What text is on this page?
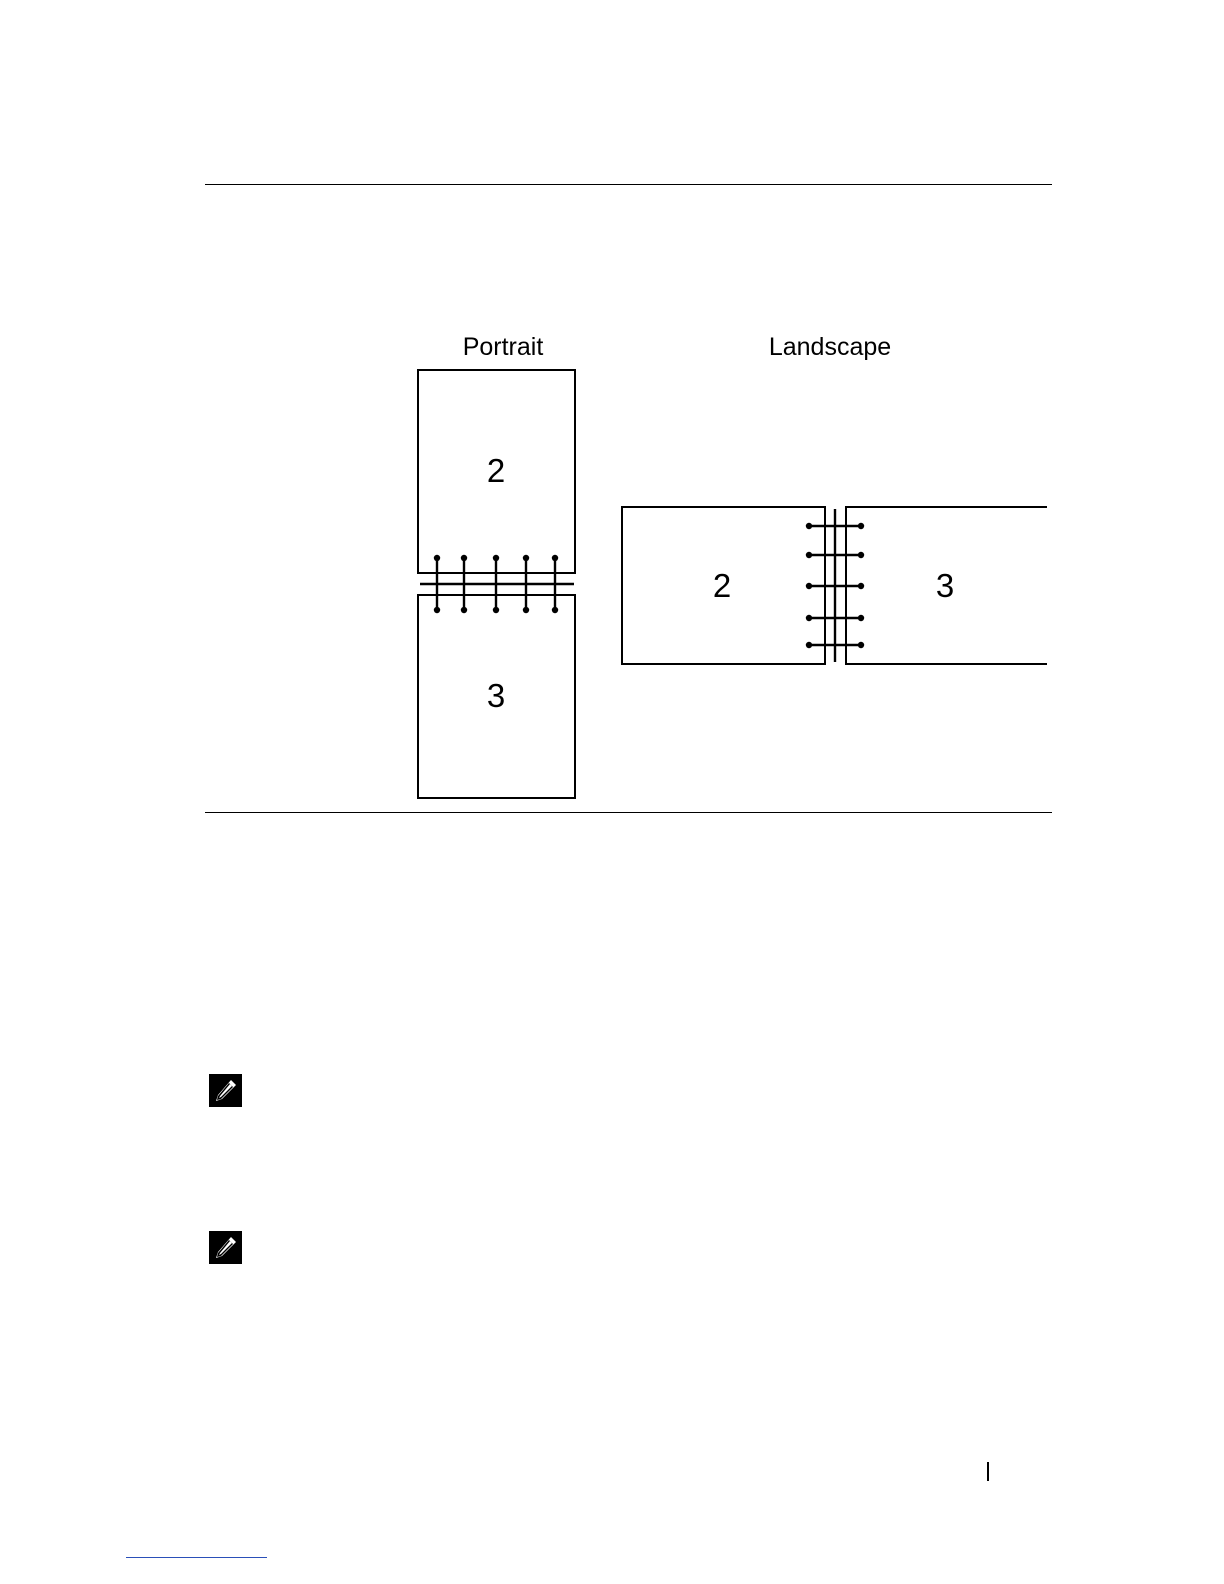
Portrait
2
3
Landscape
2	3
